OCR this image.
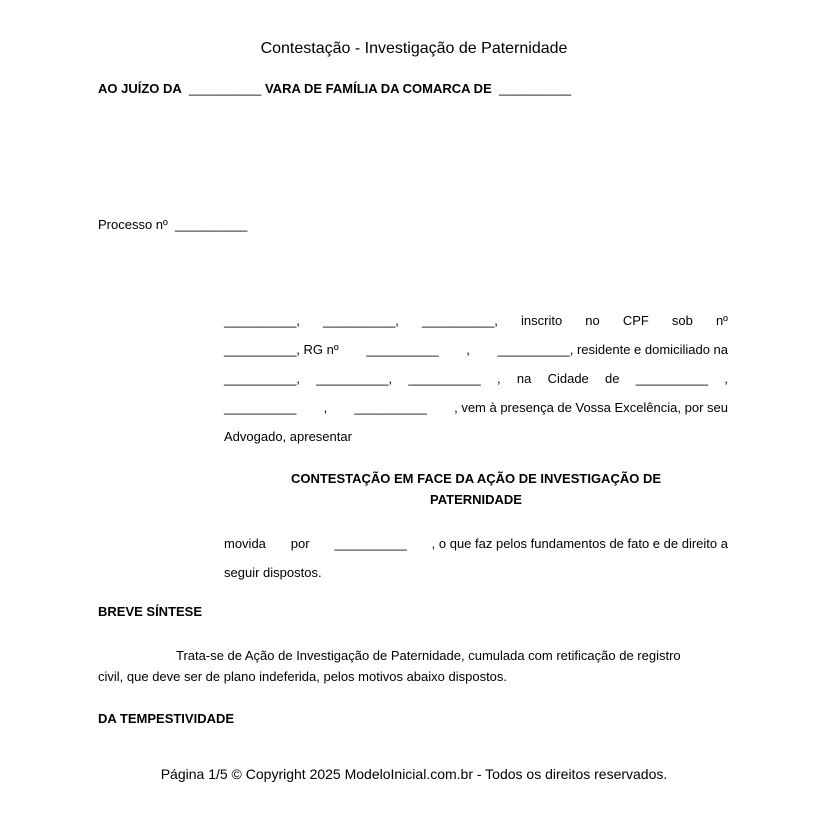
Contestação - Investigação de Paternidade
AO JUÍZO DA __________ VARA DE FAMÍLIA DA COMARCA DE __________
Processo nº __________
__________, __________, __________, inscrito no CPF sob nº
__________, RG nº __________ , __________, residente e domiciliado na
__________, __________, __________ , na Cidade de __________ ,
__________ , __________ , vem à presença de Vossa Excelência, por seu
Advogado, apresentar
CONTESTAÇÃO EM FACE DA AÇÃO DE INVESTIGAÇÃO DE
PATERNIDADE
movida por __________ , o que faz pelos fundamentos de fato e de direito a
seguir dispostos.
BREVE SÍNTESE
Trata-se de Ação de Investigação de Paternidade, cumulada com retificação de registro
civil, que deve ser de plano indeferida, pelos motivos abaixo dispostos.
DA TEMPESTIVIDADE
Página 1/5 © Copyright 2025 ModeloInicial.com.br - Todos os direitos reservados.
